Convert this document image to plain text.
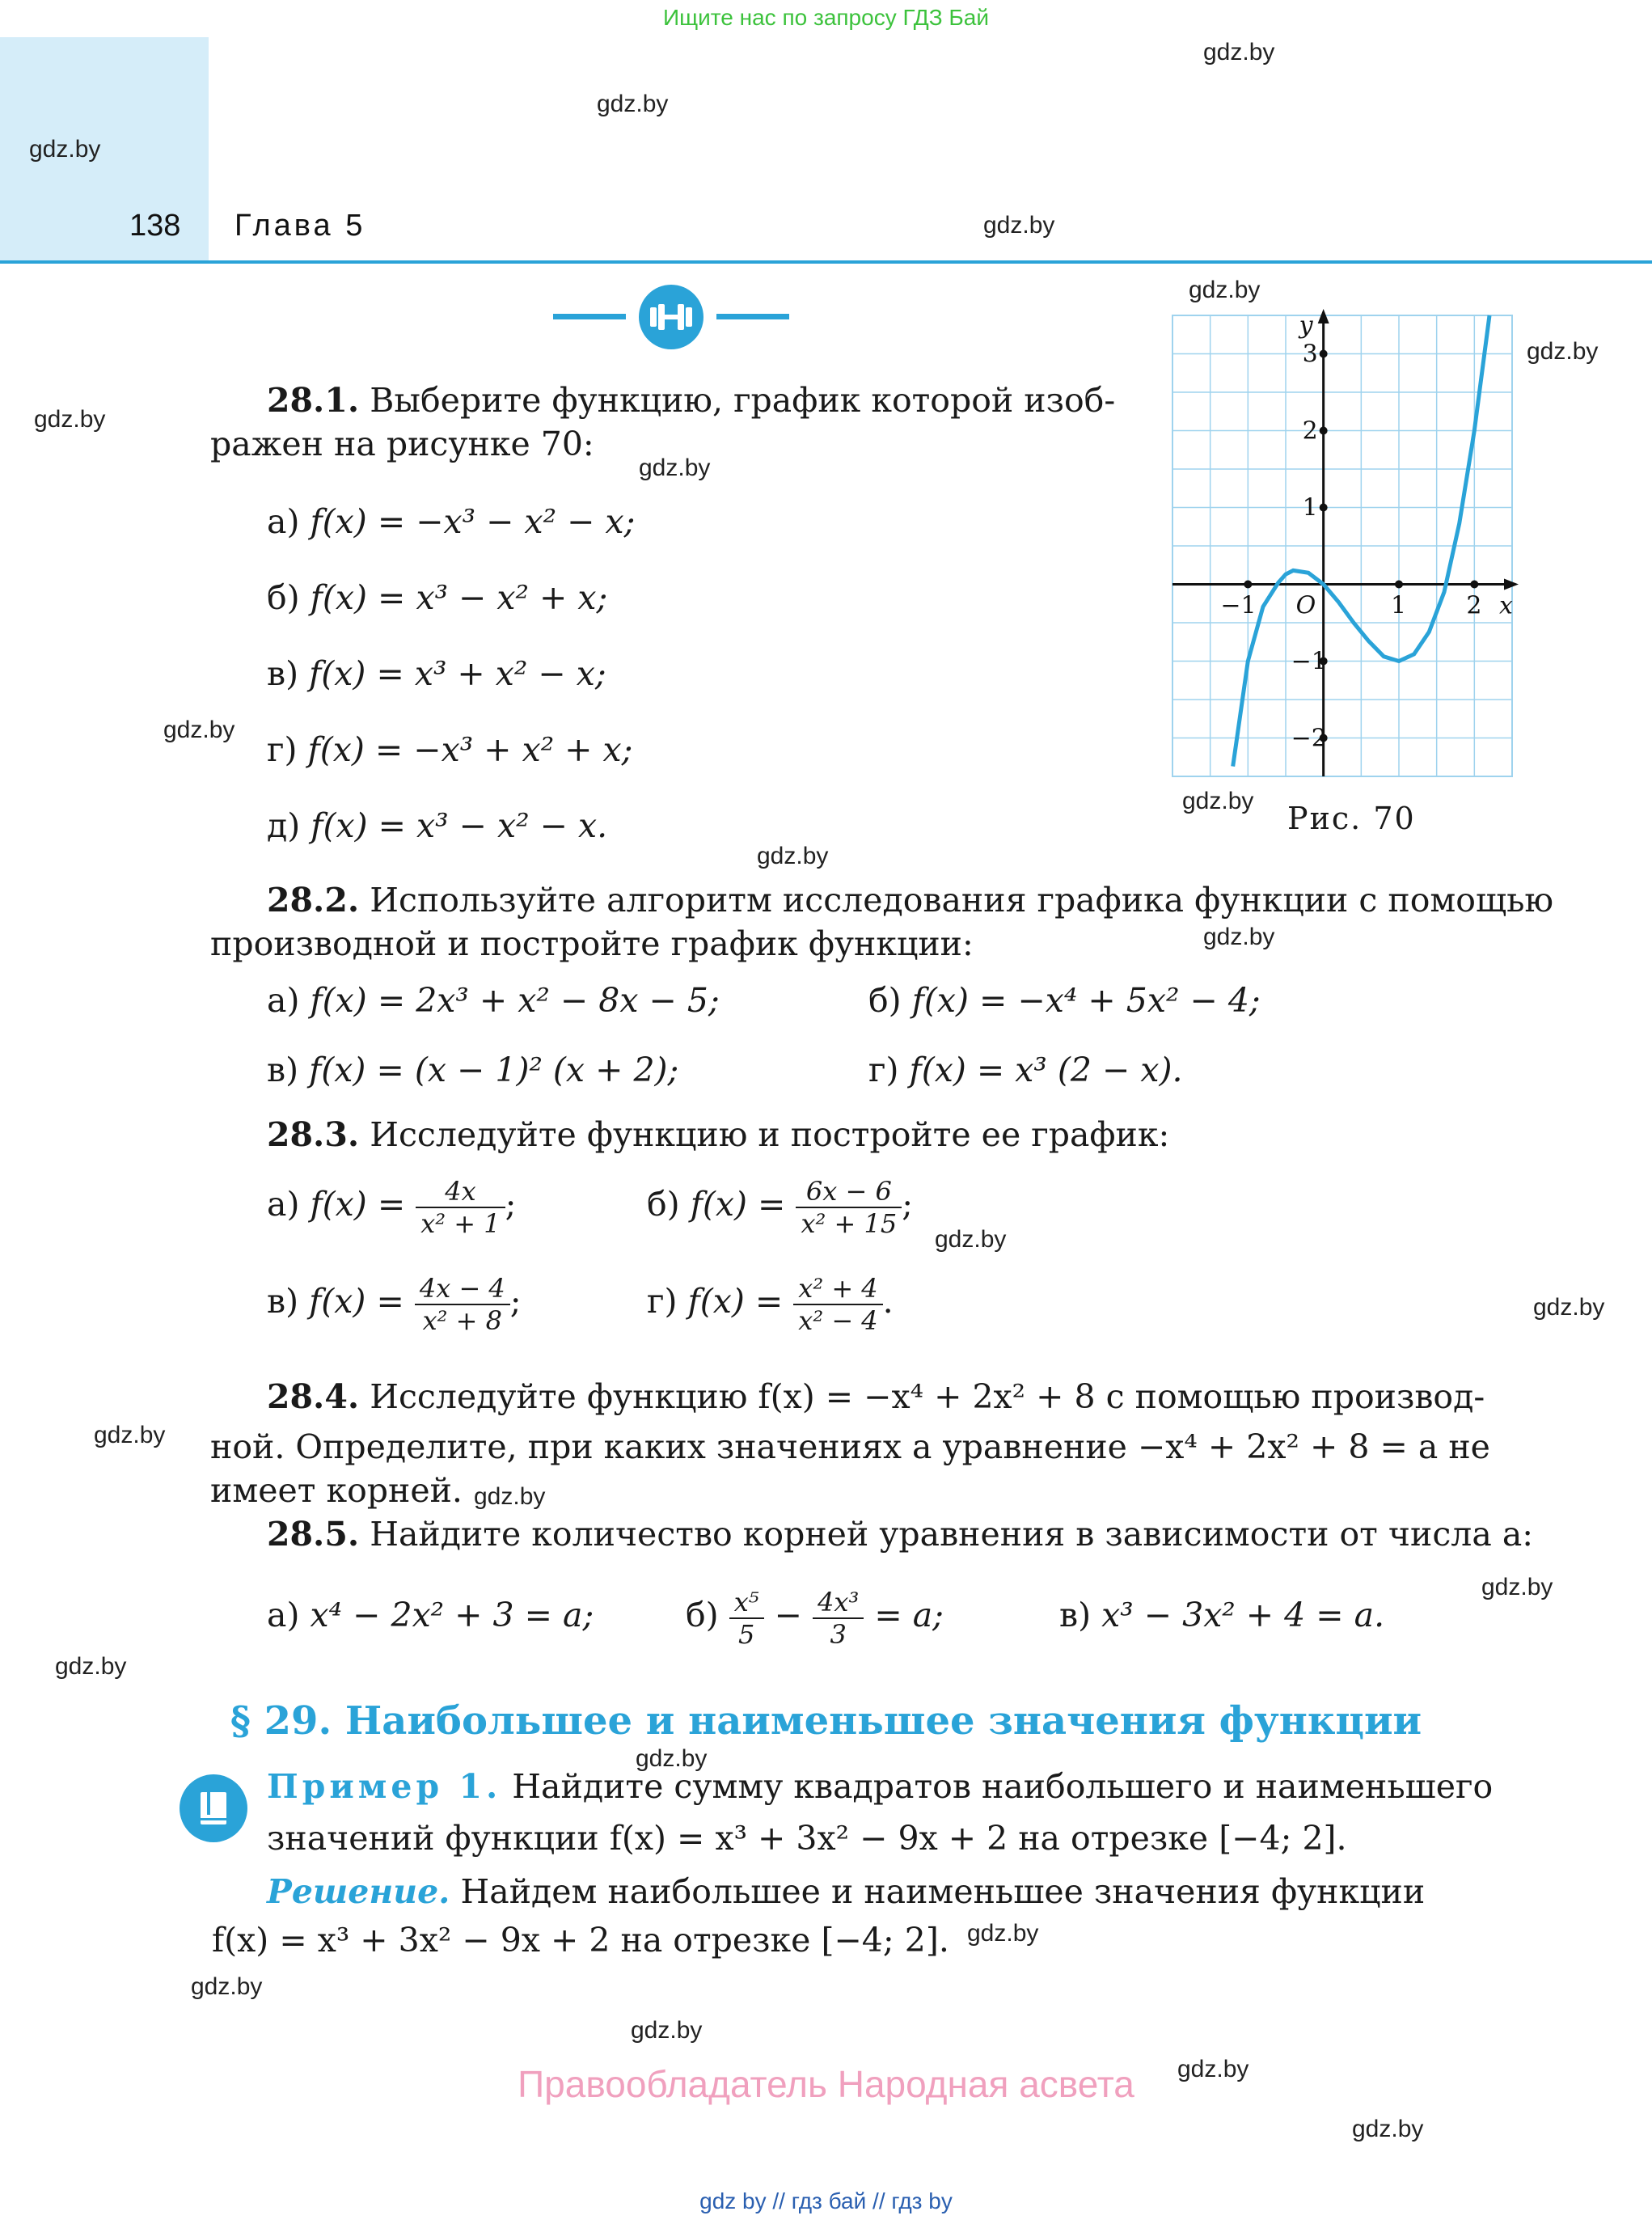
Ищите нас по запросу ГДЗ Бай
138 Глава 5
28.1. Выберите функцию, график которой изоб-
ражен на рисунке 70:
а) f(x) = −x³ − x² − x;
б) f(x) = x³ − x² + x;
в) f(x) = x³ + x² − x;
г) f(x) = −x³ + x² + x;
д) f(x) = x³ − x² − x.
−1	1 2
3
2
1
−1
−2
O	x
y
Рис. 70
28.2. Используйте алгоритм исследования графика функции с помощью
производной и постройте график функции:
а) f(x) = 2x³ + x² − 8x − 5;	б) f(x) = −x⁴ + 5x² − 4;
в) f(x) = (x − 1)² (x + 2);	г) f(x) = x³ (2 − x).
28.3. Исследуйте функцию и постройте ее график:
а) $f(x) = \frac{4x}{\text{x² + 1}}$ ;	б) $f(x) = \frac{6x - 6}{\text{x² + 15}}$ ;
в) $f(x) = \frac{4x - 4}{\text{x² + 8}}$ ;	г) $f(x) = \frac{\text{x² + 4}}{\text{x² − 4}}$ .
28.4. Исследуйте функцию f(x) = −x⁴ + 2x² + 8 с помощью производ-
ной. Определите, при каких значениях a уравнение −x⁴ + 2x² + 8 = a не
имеет корней.
28.5. Найдите количество корней уравнения в зависимости от числа a:
а) x⁴ − 2x² + 3 = a;	$б) \frac{\text{x⁵}}{5} - \frac{\text{4x³}}{3} = a$;	в) x³ − 3x² + 4 = a.
§ 29. Наибольшее и наименьшее значения функции
Пример 1. Найдите сумму квадратов наибольшего и наименьшего
значений функции f(x) = x³ + 3x² − 9x + 2 на отрезке [−4; 2].
Решение. Найдем наибольшее и наименьшее значения функции
f(x) = x³ + 3x² − 9x + 2 на отрезке [−4; 2].
gdz.by
gdz.by
gdz.by
gdz.by
gdz.by
gdz.by
gdz.by
gdz.by
gdz.by
gdz.by
gdz.by
gdz.by
gdz.by
gdz.by
gdz.by
gdz.by
gdz.by
gdz.by
gdz.by
gdz.by
gdz.by
gdz.by
gdz.by
gdz.by
Правообладатель Народная асвета
gdz by // гдз бай // гдз by
